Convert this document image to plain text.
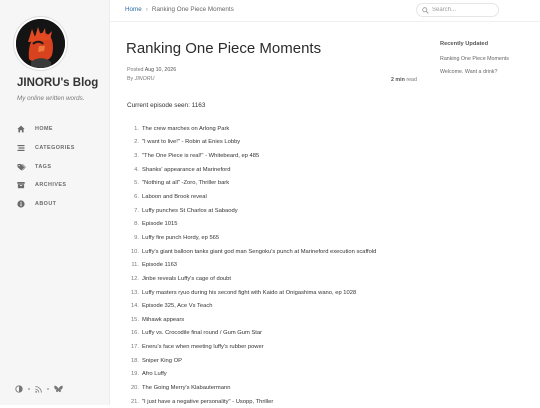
JINORU's Blog
My online written words.
HOME
CATEGORIES
TAGS
ARCHIVES
ABOUT
Home › Ranking One Piece Moments
Search...
Ranking One Piece Moments
Posted Aug 10, 2026
By JINORU	2 min read
Current episode seen: 1163
1. The crew marches on Arlong Park
2. "I want to live!" - Robin at Enies Lobby
3. "The One Piece is real!" - Whitebeard, ep 485
4. Shanks' appearance at Marineford
5. "Nothing at all" -Zoro, Thriller bark
6. Laboon and Brook reveal
7. Luffy punches St Charlos at Sabaody
8. Episode 1015
9. Luffy fire punch Hordy, ep 565
10. Luffy's giant balloon tanks giant god man Sengoku's punch at Marineford execution scaffold
11. Episode 1163
12. Jinbe reveals Luffy's cage of doubt
13. Luffy masters ryuo during his second fight with Kaido at Onigashima wano, ep 1028
14. Episode 325, Ace Vs Teach
15. Mihawk appears
16. Luffy vs. Crocodile final round / Gum Gum Star
17. Eneru's face when meeting luffy's rubber power
18. Sniper King OP
19. Afro Luffy
20. The Going Merry's Klabautermann
21. "I just have a negative personality" - Usopp, Thriller
Recently Updated
Ranking One Piece Moments
Welcome. Want a drink?
